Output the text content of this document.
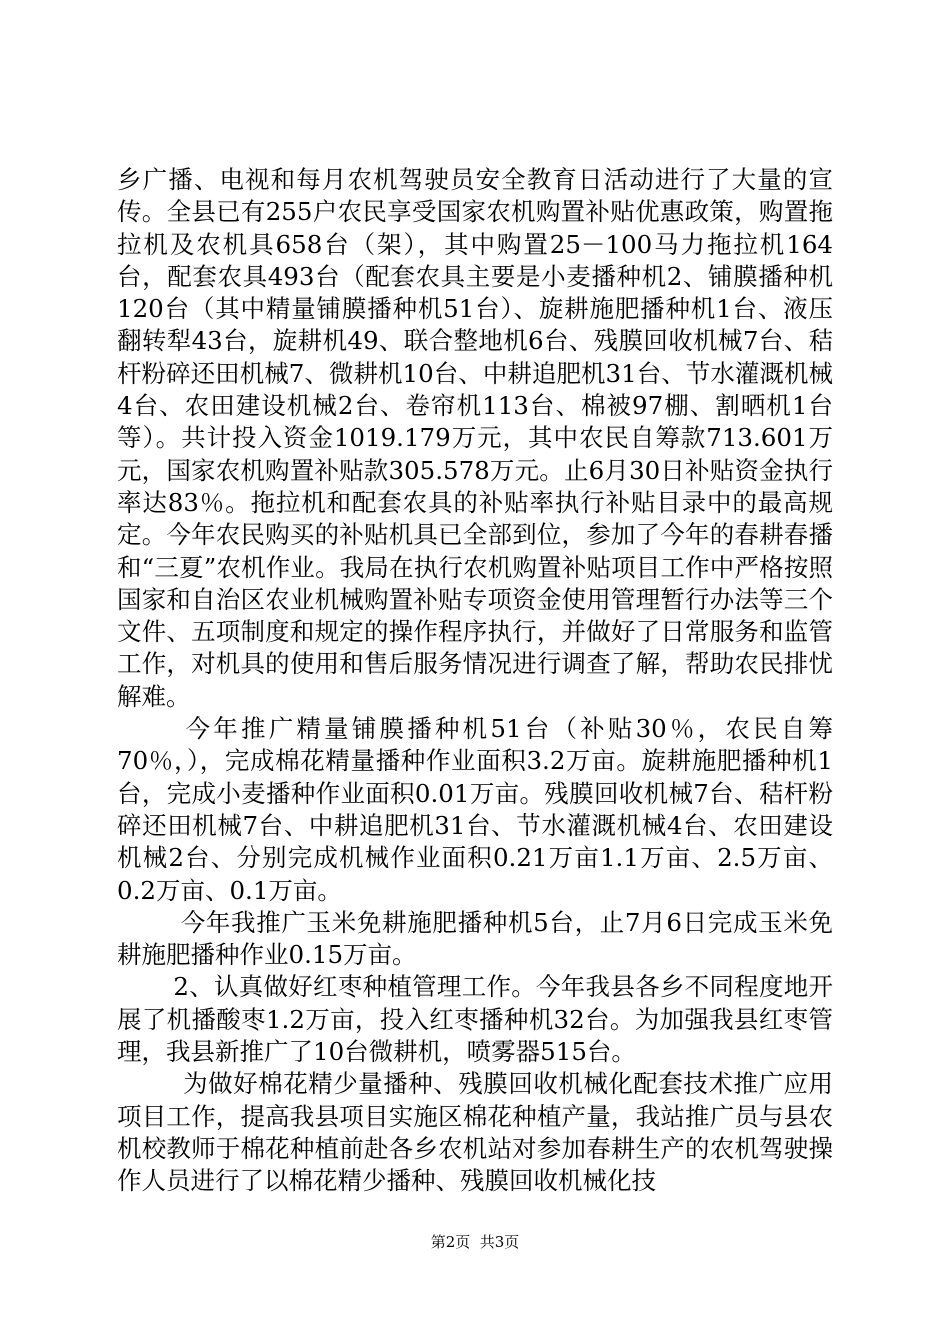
乡广播、电视和每月农机驾驶员安全教育日活动进行了大量的宣传。全县已有255户农民享受国家农机购置补贴优惠政策，购置拖拉机及农机具658台（架），其中购置25－100马力拖拉机164台，配套农具493台（配套农具主要是小麦播种机2、铺膜播种机120台（其中精量铺膜播种机51台）、旋耕施肥播种机1台、液压翻转犁43台，旋耕机49、联合整地机6台、残膜回收机械7台、秸杆粉碎还田机械7、微耕机10台、中耕追肥机31台、节水灌溉机械4台、农田建设机械2台、卷帘机113台、棉被97棚、割晒机1台等）。共计投入资金1019.179万元，其中农民自筹款713.601万元，国家农机购置补贴款305.578万元。止6月30日补贴资金执行率达83％。拖拉机和配套农具的补贴率执行补贴目录中的最高规定。今年农民购买的补贴机具已全部到位，参加了今年的春耕春播和“三夏”农机作业。我局在执行农机购置补贴项目工作中严格按照国家和自治区农业机械购置补贴专项资金使用管理暂行办法等三个文件、五项制度和规定的操作程序执行，并做好了日常服务和监管工作，对机具的使用和售后服务情况进行调查了解，帮助农民排忧解难。

今年推广精量铺膜播种机51台（补贴30％，农民自筹70％，），完成棉花精量播种作业面积3.2万亩。旋耕施肥播种机1台，完成小麦播种作业面积0.01万亩。残膜回收机械7台、秸杆粉碎还田机械7台、中耕追肥机31台、节水灌溉机械4台、农田建设机械2台、分别完成机械作业面积0.21万亩1.1万亩、2.5万亩、0.2万亩、0.1万亩。

今年我推广玉米免耕施肥播种机5台，止7月6日完成玉米免耕施肥播种作业0.15万亩。

2、认真做好红枣种植管理工作。今年我县各乡不同程度地开展了机播酸枣1.2万亩，投入红枣播种机32台。为加强我县红枣管理，我县新推广了10台微耕机，喷雾器515台。

为做好棉花精少量播种、残膜回收机械化配套技术推广应用项目工作，提高我县项目实施区棉花种植产量，我站推广员与县农机校教师于棉花种植前赴各乡农机站对参加春耕生产的农机驾驶操作人员进行了以棉花精少播种、残膜回收机械化技

第2页  共3页
